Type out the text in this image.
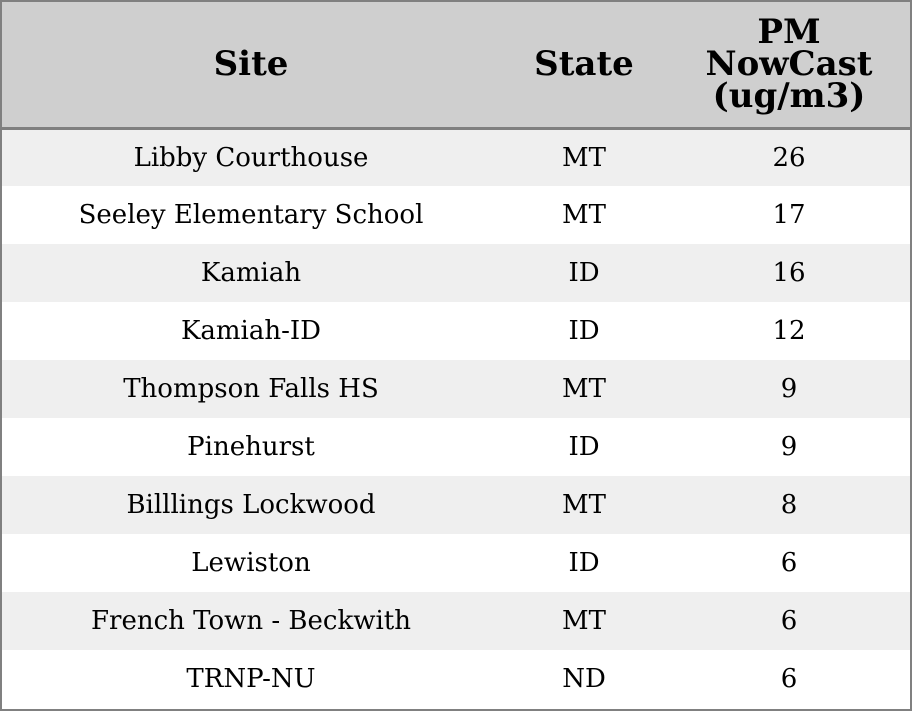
Site	State	PM
NowCast
(ug/m3)

Libby Courthouse	MT	26
Seeley Elementary School	MT	17
Kamiah	ID	16
Kamiah-ID	ID	12
Thompson Falls HS	MT	9
Pinehurst	ID	9
Billlings Lockwood	MT	8
Lewiston	ID	6
French Town - Beckwith	MT	6
TRNP-NU	ND	6
